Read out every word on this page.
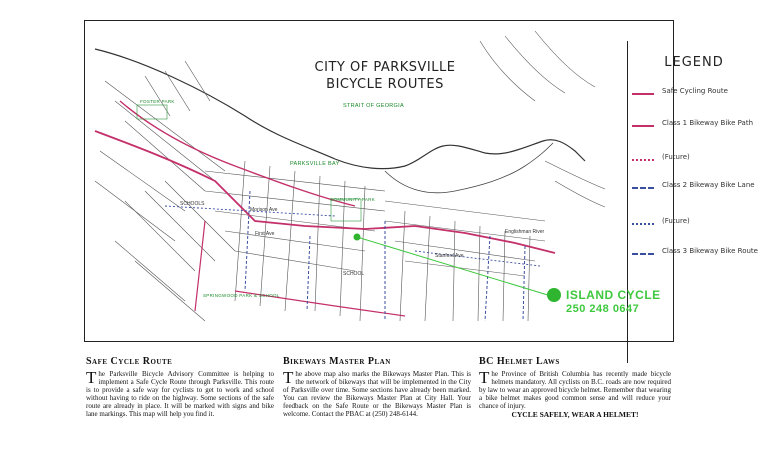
CITY OF PARKSVILLE
BICYCLE ROUTES
STRAIT OF GEORGIA
PARKSVILLE BAY
FOSTER PARK
COMMUNITY PARK
SPRINGWOOD PARK & SCHOOL
SCHOOLS
Morison Ave
First Ave
Stanford Ave
Englishman River
SCHOOL
LEGEND
Safe Cycling Route
Class 1 Bikeway Bike Path
(Future)
Class 2 Bikeway Bike Lane
(Future)
Class 3 Bikeway Bike Route
ISLAND CYCLE
250 248 0647
Safe Cycle Route

The Parksville Bicycle Advisory Committee is helping to implement a Safe Cycle Route through Parksville. This route is to provide a safe way for cyclists to get to work and school without having to ride on the highway. Some sections of the safe route are already in place. It will be marked with signs and bike lane markings. This map will help you find it.

Bikeways Master Plan

The above map also marks the Bikeways Master Plan. This is the network of bikeways that will be implemented in the City of Parksville over time. Some sections have already been marked. You can review the Bikeways Master Plan at City Hall. Your feedback on the Safe Route or the Bikeways Master Plan is welcome. Contact the PBAC at (250) 248-6144.

BC Helmet Laws

The Province of British Columbia has recently made bicycle helmets mandatory. All cyclists on B.C. roads are now required by law to wear an approved bicycle helmet. Remember that wearing a bike helmet makes good common sense and will reduce your chance of injury.
CYCLE SAFELY, WEAR A HELMET!
